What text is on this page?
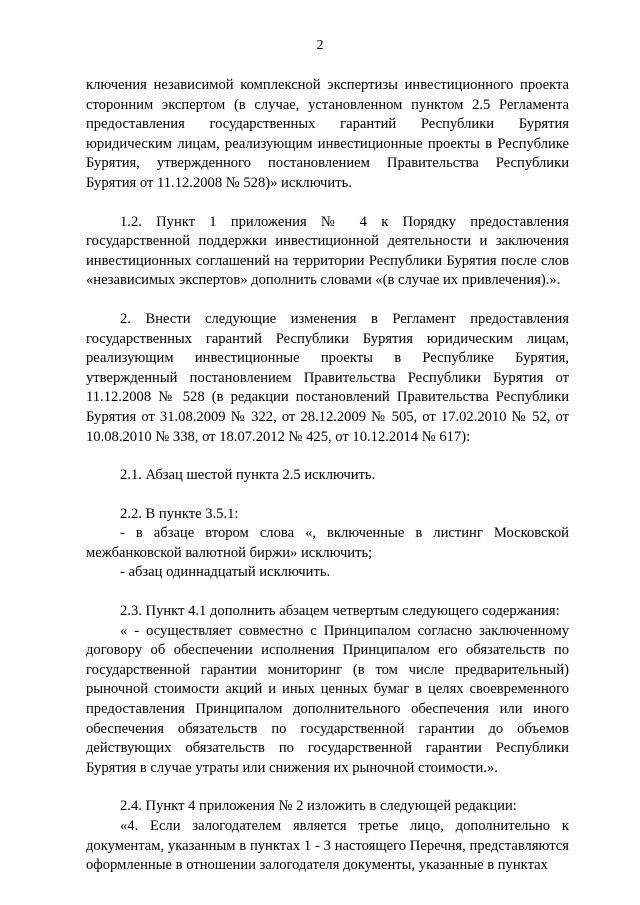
2

ключения независимой комплексной экспертизы инвестиционного проекта сторонним экспертом (в случае, установленном пунктом 2.5 Регламента предоставления государственных гарантий Республики Бурятия юридическим лицам, реализующим инвестиционные проекты в Республике Бурятия, утвержденного постановлением Правительства Республики Бурятия от 11.12.2008 № 528)» исключить.

1.2. Пункт 1 приложения № 4 к Порядку предоставления государственной поддержки инвестиционной деятельности и заключения инвестиционных соглашений на территории Республики Бурятия после слов «независимых экспертов» дополнить словами «(в случае их привлечения).».

2. Внести следующие изменения в Регламент предоставления государственных гарантий Республики Бурятия юридическим лицам, реализующим инвестиционные проекты в Республике Бурятия, утвержденный постановлением Правительства Республики Бурятия от 11.12.2008 № 528 (в редакции постановлений Правительства Республики Бурятия от 31.08.2009 № 322, от 28.12.2009 № 505, от 17.02.2010 № 52, от 10.08.2010 № 338, от 18.07.2012 № 425, от 10.12.2014 № 617):

2.1. Абзац шестой пункта 2.5 исключить.

2.2. В пункте 3.5.1:

- в абзаце втором слова «, включенные в листинг Московской межбанковской валютной биржи» исключить;

- абзац одиннадцатый исключить.

2.3. Пункт 4.1 дополнить абзацем четвертым следующего содержания:

« - осуществляет совместно с Принципалом согласно заключенному договору об обеспечении исполнения Принципалом его обязательств по государственной гарантии мониторинг (в том числе предварительный) рыночной стоимости акций и иных ценных бумаг в целях своевременного предоставления Принципалом дополнительного обеспечения или иного обеспечения обязательств по государственной гарантии до объемов действующих обязательств по государственной гарантии Республики Бурятия в случае утраты или снижения их рыночной стоимости.».

2.4. Пункт 4 приложения № 2 изложить в следующей редакции:

«4. Если залогодателем является третье лицо, дополнительно к документам, указанным в пунктах 1 - 3 настоящего Перечня, представляются оформленные в отношении залогодателя документы, указанные в пунктах
